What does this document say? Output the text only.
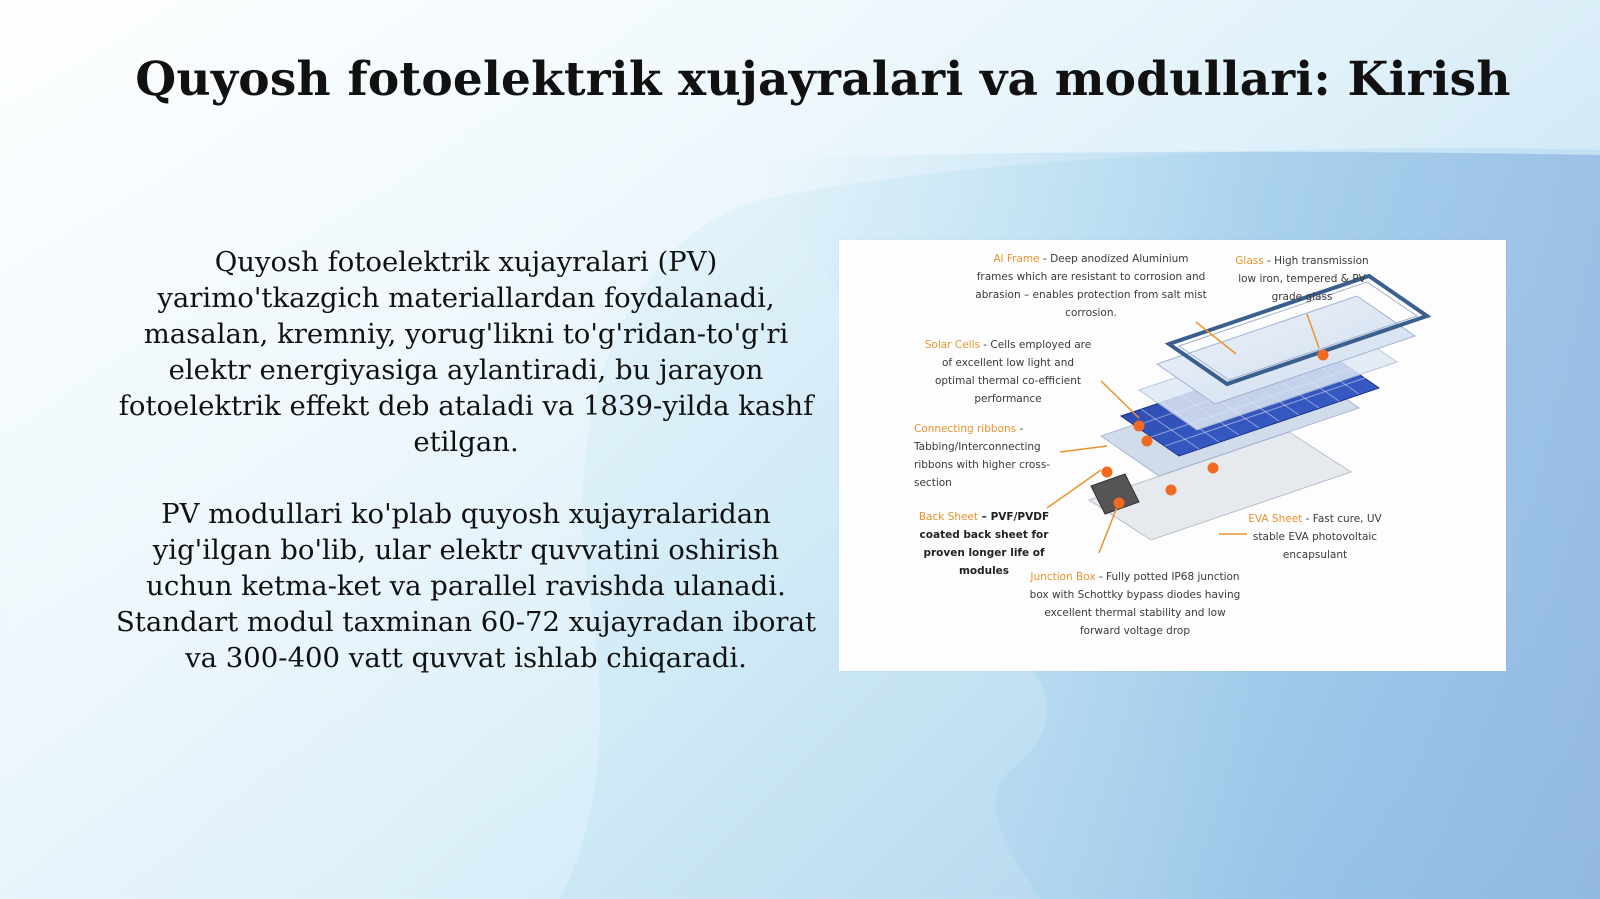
Quyosh fotoelektrik xujayralari va modullari: Kirish

Quyosh fotoelektrik xujayralari (PV) yarimo'tkazgich materiallardan foydalanadi, masalan, kremniy, yorug'likni to'g'ridan-to'g'ri elektr energiyasiga aylantiradi, bu jarayon fotoelektrik effekt deb ataladi va 1839-yilda kashf etilgan.

PV modullari ko'plab quyosh xujayralaridan yig'ilgan bo'lib, ular elektr quvvatini oshirish uchun ketma-ket va parallel ravishda ulanadi. Standart modul taxminan 60-72 xujayradan iborat va 300-400 vatt quvvat ishlab chiqaradi.

Al Frame - Deep anodized Aluminium frames which are resistant to corrosion and abrasion – enables protection from salt mist corrosion.
Glass - High transmission low iron, tempered & PV grade glass
Solar Cells - Cells employed are of excellent low light and optimal thermal co-efficient performance
Connecting ribbons - Tabbing/Interconnecting ribbons with higher cross-section
Back Sheet – PVF/PVDF coated back sheet for proven longer life of modules
EVA Sheet - Fast cure, UV stable EVA photovoltaic encapsulant
Junction Box - Fully potted IP68 junction box with Schottky bypass diodes having excellent thermal stability and low forward voltage drop
